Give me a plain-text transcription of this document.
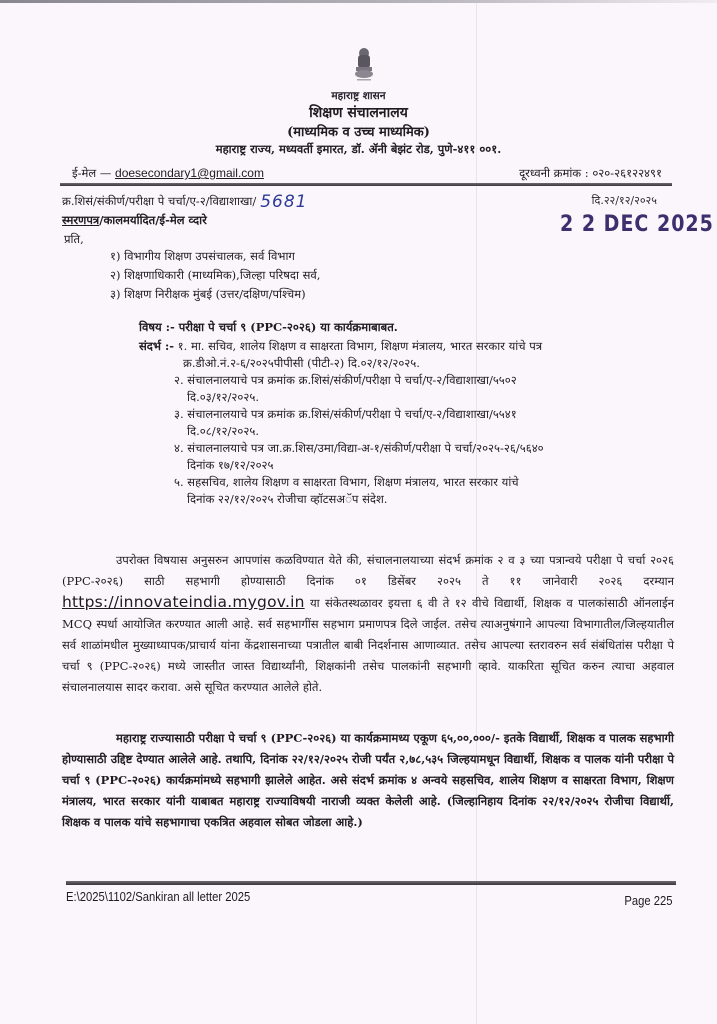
महाराष्ट्र शासन
शिक्षण संचालनालय
(माध्यमिक व उच्च माध्यमिक)
महाराष्ट्र राज्य, मध्यवर्ती इमारत, डॉ. ॲनी बेझंट रोड, पुणे-४११ ००१.
ई-मेल — doesecondary1@gmail.com	दूरध्वनी क्रमांक : ०२०-२६१२२४९१
क्र.शिसं/संकीर्ण/परीक्षा पे चर्चा/ए-२/विद्याशाखा/ 5681	दि.२२/१२/२०२५
2 2 DEC 2025
स्मरणपत्र/कालमर्यादित/ई-मेल व्दारे
प्रति,
१) विभागीय शिक्षण उपसंचालक, सर्व विभाग
२) शिक्षणाधिकारी (माध्यमिक),जिल्हा परिषदा सर्व,
३) शिक्षण निरीक्षक मुंबई (उत्तर/दक्षिण/पश्चिम)
विषय :- परीक्षा पे चर्चा ९ (PPC-२०२६) या कार्यक्रमाबाबत.
संदर्भ :- १. मा. सचिव, शालेय शिक्षण व साक्षरता विभाग, शिक्षण मंत्रालय, भारत सरकार यांचे पत्र
क्र.डीओ.नं.२-६/२०२५पीपीसी (पीटी-२) दि.०२/१२/२०२५.
२. संचालनालयाचे पत्र क्रमांक क्र.शिसं/संकीर्ण/परीक्षा पे चर्चा/ए-२/विद्याशाखा/५५०२
दि.०३/१२/२०२५.
३. संचालनालयाचे पत्र क्रमांक क्र.शिसं/संकीर्ण/परीक्षा पे चर्चा/ए-२/विद्याशाखा/५५४१
दि.०८/१२/२०२५.
४. संचालनालयाचे पत्र जा.क्र.शिस/उमा/विद्या-अ-१/संकीर्ण/परीक्षा पे चर्चा/२०२५-२६/५६४०
दिनांक १७/१२/२०२५
५. सहसचिव, शालेय शिक्षण व साक्षरता विभाग, शिक्षण मंत्रालय, भारत सरकार यांचे
दिनांक २२/१२/२०२५ रोजीचा व्हॉटसअॅप संदेश.
उपरोक्त विषयास अनुसरुन आपणांस कळविण्यात येते की, संचालनालयाच्या संदर्भ क्रमांक २ व ३ च्या पत्रान्वये परीक्षा पे चर्चा २०२६ (PPC-२०२६) साठी सहभागी होण्यासाठी दिनांक ०१ डिसेंबर २०२५ ते ११ जानेवारी २०२६ दरम्यान https://innovateindia.mygov.in या संकेतस्थळावर इयत्ता ६ वी ते १२ वीचे विद्यार्थी, शिक्षक व पालकांसाठी ऑनलाईन MCQ स्पर्धा आयोजित करण्यात आली आहे. सर्व सहभागींस सहभाग प्रमाणपत्र दिले जाईल. तसेच त्याअनुषंगाने आपल्या विभागातील/जिल्हयातील सर्व शाळांमधील मुख्याध्यापक/प्राचार्य यांना केंद्रशासनाच्या पत्रातील बाबी निदर्शनास आणाव्यात. तसेच आपल्या स्तरावरुन सर्व संबंधितांस परीक्षा पे चर्चा ९ (PPC-२०२६) मध्ये जास्तीत जास्त विद्यार्थ्यांनी, शिक्षकांनी तसेच पालकांनी सहभागी व्हावे. याकरिता सूचित करुन त्याचा अहवाल संचालनालयास सादर करावा. असे सूचित करण्यात आलेले होते.
महाराष्ट्र राज्यासाठी परीक्षा पे चर्चा ९ (PPC-२०२६) या कार्यक्रमामध्य एकूण ६५,००,०००/- इतके विद्यार्थी, शिक्षक व पालक सहभागी होण्यासाठी उद्दिष्ट देण्यात आलेले आहे. तथापि, दिनांक २२/१२/२०२५ रोजी पर्यंत २,७८,५३५ जिल्हयामधून विद्यार्थी, शिक्षक व पालक यांनी परीक्षा पे चर्चा ९ (PPC-२०२६) कार्यक्रमांमध्ये सहभागी झालेले आहेत. असे संदर्भ क्रमांक ४ अन्वये सहसचिव, शालेय शिक्षण व साक्षरता विभाग, शिक्षण मंत्रालय, भारत सरकार यांनी याबाबत महाराष्ट्र राज्याविषयी नाराजी व्यक्त केलेली आहे. (जिल्हानिहाय दिनांक २२/१२/२०२५ रोजीचा विद्यार्थी, शिक्षक व पालक यांचे सहभागाचा एकत्रित अहवाल सोबत जोडला आहे.)
E:\2025\1102/Sankiran all letter 2025	Page 225
